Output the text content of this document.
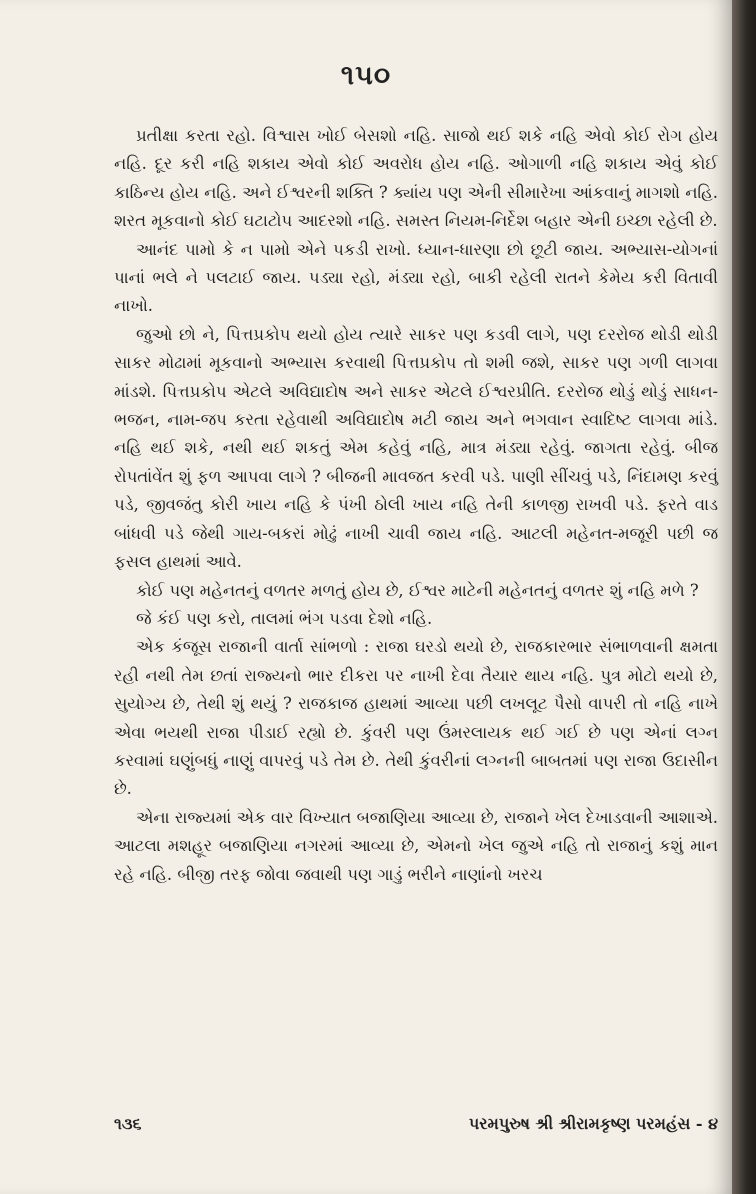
૧૫૦

પ્રતીક્ષા કરતા રહો. વિશ્વાસ ખોઈ બેસશો નહિ. સાજો થઈ શકે નહિ એવો કોઈ રોગ હોય નહિ. દૂર કરી નહિ શકાય એવો કોઈ અવરોધ હોય નહિ. ઓગાળી નહિ શકાય એવું કોઈ કાઠિન્ય હોય નહિ. અને ઈશ્વરની શક્તિ ? ક્યાંય પણ એની સીમારેખા આંકવાનું માગશો નહિ. શરત મૂકવાનો કોઈ ઘટાટોપ આદરશો નહિ. સમસ્ત નિયમ-નિર્દેશ બહાર એની ઇચ્છા રહેલી છે.

આનંદ પામો કે ન પામો એને પકડી રાખો. ધ્યાન-ધારણા છો છૂટી જાય. અભ્યાસ-યોગનાં પાનાં ભલે ને પલટાઈ જાય. પડ્યા રહો, મંડ્યા રહો, બાકી રહેલી રાતને કેમેય કરી વિતાવી નાખો.

જુઓ છો ને, પિત્તપ્રકોપ થયો હોય ત્યારે સાકર પણ કડવી લાગે, પણ દરરોજ થોડી થોડી સાકર મોઢામાં મૂકવાનો અભ્યાસ કરવાથી પિત્તપ્રકોપ તો શમી જશે, સાકર પણ ગળી લાગવા માંડશે. પિત્તપ્રકોપ એટલે અવિદ્યાદોષ અને સાકર એટલે ઈશ્વરપ્રીતિ. દરરોજ થોડું થોડું સાધન-ભજન, નામ-જપ કરતા રહેવાથી અવિદ્યાદોષ મટી જાય અને ભગવાન સ્વાદિષ્ટ લાગવા માંડે. નહિ થઈ શકે, નથી થઈ શકતું એમ કહેવું નહિ, માત્ર મંડ્યા રહેવું. જાગતા રહેવું. બીજ રોપતાંવેંત શું ફળ આપવા લાગે ? બીજની માવજત કરવી પડે. પાણી સીંચવું પડે, નિંદામણ કરવું પડે, જીવજંતુ કોરી ખાય નહિ કે પંખી ઠોલી ખાય નહિ તેની કાળજી રાખવી પડે. ફરતે વાડ બાંધવી પડે જેથી ગાય-બકરાં મોઢું નાખી ચાવી જાય નહિ. આટલી મહેનત-મજૂરી પછી જ ફસલ હાથમાં આવે.

કોઈ પણ મહેનતનું વળતર મળતું હોય છે, ઈશ્વર માટેની મહેનતનું વળતર શું નહિ મળે ?

જે કંઈ પણ કરો, તાલમાં ભંગ પડવા દેશો નહિ.

એક કંજૂસ રાજાની વાર્તા સાંભળો : રાજા ઘરડો થયો છે, રાજકારભાર સંભાળવાની ક્ષમતા રહી નથી તેમ છતાં રાજ્યનો ભાર દીકરા પર નાખી દેવા તૈયાર થાય નહિ. પુત્ર મોટો થયો છે, સુયોગ્ય છે, તેથી શું થયું ? રાજકાજ હાથમાં આવ્યા પછી લખલૂટ પૈસો વાપરી તો નહિ નાખે એવા ભયથી રાજા પીડાઈ રહ્યો છે. કુંવરી પણ ઉંમરલાયક થઈ ગઈ છે પણ એનાં લગ્ન કરવામાં ઘણુંબધું નાણું વાપરવું પડે તેમ છે. તેથી કુંવરીનાં લગ્નની બાબતમાં પણ રાજા ઉદાસીન છે.

એના રાજ્યમાં એક વાર વિખ્યાત બજાણિયા આવ્યા છે, રાજાને ખેલ દેખાડવાની આશાએ. આટલા મશહૂર બજાણિયા નગરમાં આવ્યા છે, એમનો ખેલ જુએ નહિ તો રાજાનું કશું માન રહે નહિ. બીજી તરફ જોવા જવાથી પણ ગાડું ભરીને નાણાંનો ખરચ

૧૩૬	પરમપુરુષ શ્રી શ્રીરામકૃષ્ણ પરમહંસ - ૪
